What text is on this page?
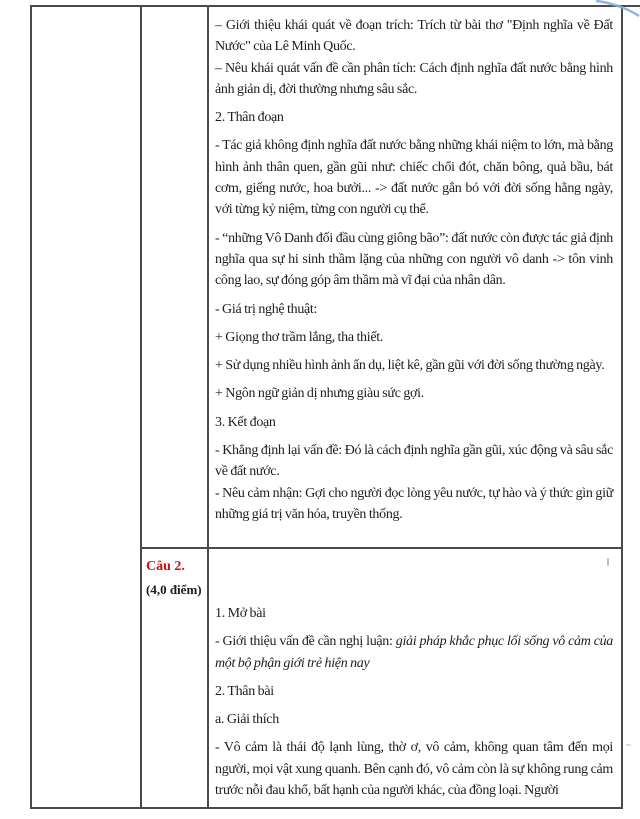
– Giới thiệu khái quát về đoạn trích: Trích từ bài thơ "Định nghĩa về Đất Nước" của Lê Minh Quốc.

– Nêu khái quát vấn đề cần phân tích: Cách định nghĩa đất nước bằng hình ảnh giản dị, đời thường nhưng sâu sắc.

2. Thân đoạn

- Tác giả không định nghĩa đất nước bằng những khái niệm to lớn, mà bằng hình ảnh thân quen, gần gũi như: chiếc chổi đót, chăn bông, quả bầu, bát cơm, giếng nước, hoa bưởi... -> đất nước gắn bó với đời sống hằng ngày, với từng kỷ niệm, từng con người cụ thể.

- “những Vô Danh đối đầu cùng giông bão”: đất nước còn được tác giả định nghĩa qua sự hi sinh thầm lặng của những con người vô danh -> tôn vinh công lao, sự đóng góp âm thầm mà vĩ đại của nhân dân.

- Giá trị nghệ thuật:

+ Giọng thơ trầm lắng, tha thiết.

+ Sử dụng nhiều hình ảnh ẩn dụ, liệt kê, gần gũi với đời sống thường ngày.

+ Ngôn ngữ giản dị nhưng giàu sức gợi.

3. Kết đoạn

- Khẳng định lại vấn đề: Đó là cách định nghĩa gần gũi, xúc động và sâu sắc về đất nước.

- Nêu cảm nhận: Gợi cho người đọc lòng yêu nước, tự hào và ý thức gìn giữ những giá trị văn hóa, truyền thống.

Câu 2.
(4,0 điểm)

1. Mở bài

- Giới thiệu vấn đề cần nghị luận: giải pháp khắc phục lối sống vô cảm của một bộ phận giới trẻ hiện nay

2. Thân bài

a. Giải thích

- Vô cảm là thái độ lạnh lùng, thờ ơ, vô cảm, không quan tâm đến mọi người, mọi vật xung quanh. Bên cạnh đó, vô cảm còn là sự không rung cảm trước nỗi đau khổ, bất hạnh của người khác, của đồng loại. Người
